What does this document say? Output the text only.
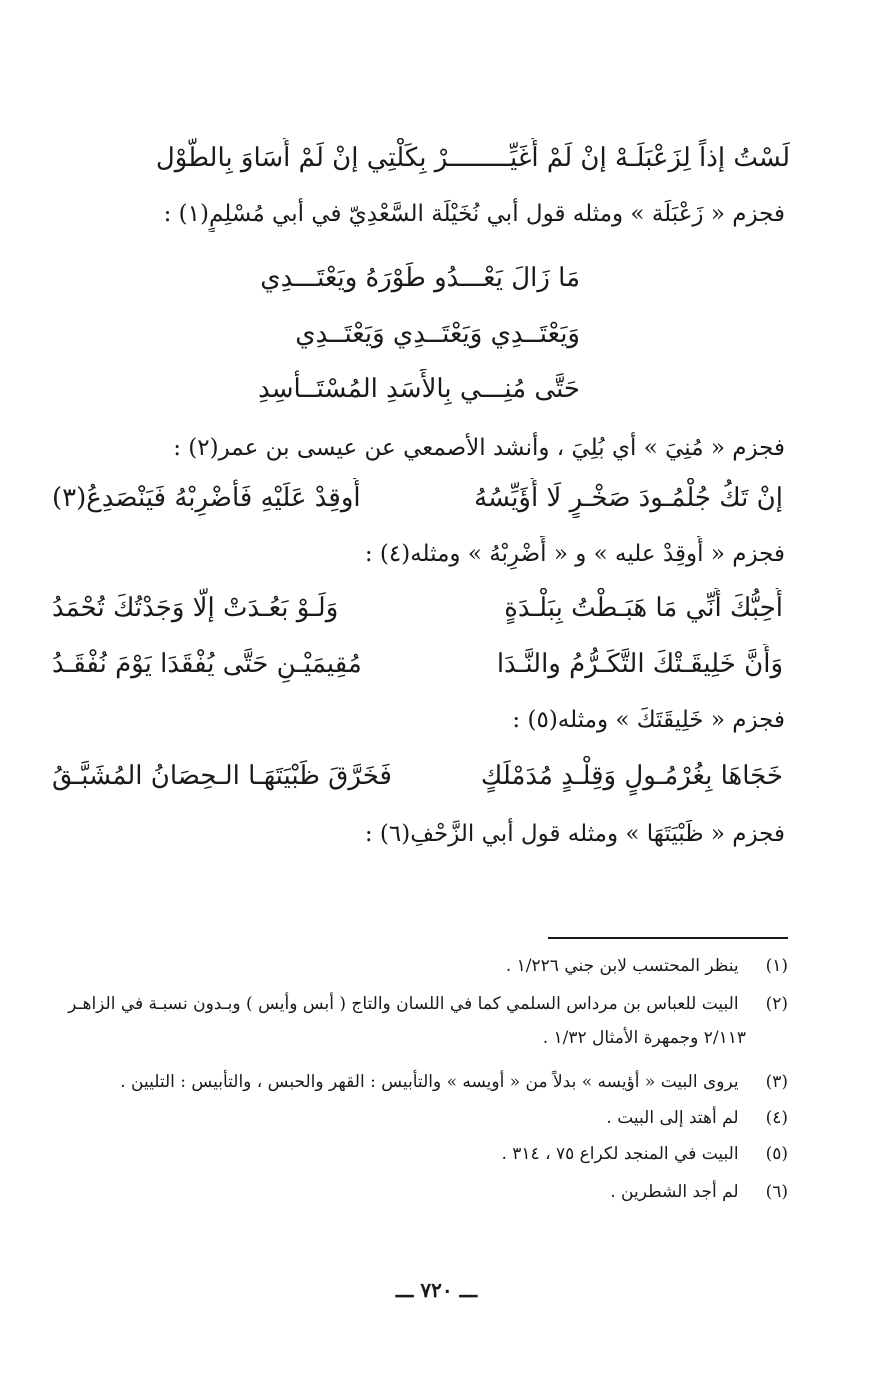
لَسْتُ إذاً لِزَعْبَلَـهْ إنْ لَمْ أُغَيِّــــــــرْ بِكَلْتِي إنْ لَمْ أُسَاوَ بِالطُّوْل
فجزم « زَعْبَلَة » ومثله قول أبي نُخَيْلَة السَّعْدِيّ في أبي مُسْلِمٍ(١) :
مَا زَالَ يَعْـــدُو طَوْرَهُ ويَعْتَـــدِي
وَيَعْتَــدِي وَيَعْتَــدِي وَيَعْتَــدِي
حَتَّى مُنِـــي بِالأَسَدِ المُسْتَــأْسِدِ
فجزم « مُنِيَ » أي بُلِيَ ، وأنشد الأصمعي عن عيسى بن عمر(٢) :
إنْ تَكُ جُلْمُـودَ صَخْـرٍ لَا أُؤَيِّسُهُ
أُوقِدْ عَلَيْهِ فَأَضْرِبْهُ فَيَنْصَدِعُ(٣)
فجزم « أُوقِدْ عليه » و « أَضْرِبْهُ » ومثله(٤) :
أُحِبُّكَ أَنِّي مَا هَبَـطْتُ بِبَلْـدَةٍ
وَلَـوْ بَعُـدَتْ إلَّا وَجَدْتُكَ تُحْمَدُ
وَأَنَّ خَلِيقَـتْكَ التَّكَـرُّمُ والنَّـدَا
مُقِيمَيْـنِ حَتَّى يُفْقَدَا يَوْمَ نُفْقَـدُ
فجزم « خَلِيقَتَكَ » ومثله(٥) :
خَجَاهَا بِغُرْمُـولٍ وَقِلْـدٍ مُدَمْلَكٍ
فَخَرَّقَ ظَبْيَتَهَـا الـحِصَانُ المُشَبَّـقُ
فجزم « ظَبْيَتَهَا » ومثله قول أبي الزَّحْفِ(٦) :
(١) ينظر المحتسب لابن جني ١/٢٢٦ .
(٢) البيت للعباس بن مرداس السلمي كما في اللسان والتاج ( أبس وأيس ) وبـدون نسبـة في الزاهـر
٢/١١٣ وجمهرة الأمثال ١/٣٢ .
(٣) يروى البيت « أؤيسه » بدلاً من « أويسه » والتأبيس : القهر والحبس ، والتأبيس : التليين .
(٤) لم أهتد إلى البيت .
(٥) البيت في المنجد لكراع ٧٥ ، ٣١٤ .
(٦) لم أجد الشطرين .
ـــ ٧٢٠ ـــ
